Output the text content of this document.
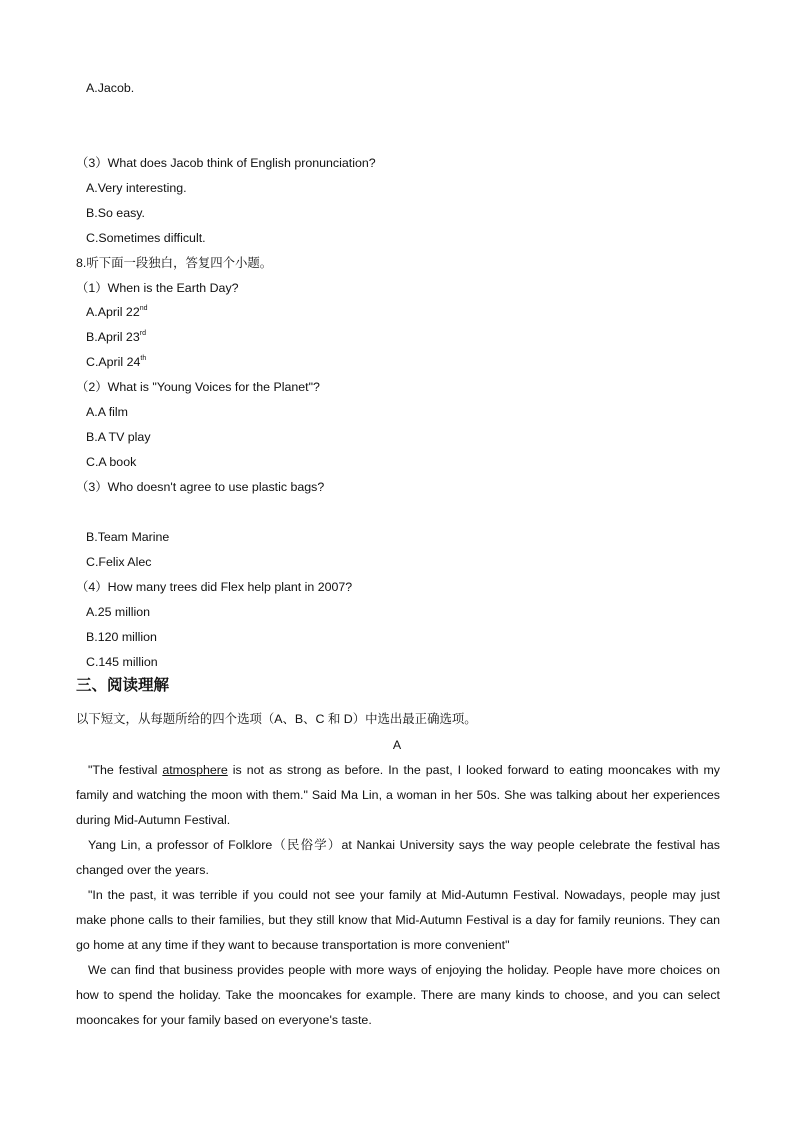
A.Jacob.
（3）What does Jacob think of English pronunciation?
A.Very interesting.
B.So easy.
C.Sometimes difficult.
8.听下面一段独白，答复四个小题。
（1）When is the Earth Day?
A.April 22nd
B.April 23rd
C.April 24th
（2）What is "Young Voices for the Planet"?
A.A film
B.A TV play
C.A book
（3）Who doesn't agree to use plastic bags?
B.Team Marine
C.Felix Alec
（4）How many trees did Flex help plant in 2007?
A.25 million
B.120 million
C.145 million
三、阅读理解
以下短文，从每题所给的四个选项（A、B、C 和 D）中选出最正确选项。
A

"The festival atmosphere is not as strong as before. In the past, I looked forward to eating mooncakes with my family and watching the moon with them." Said Ma Lin, a woman in her 50s. She was talking about her experiences during Mid-Autumn Festival.

Yang Lin, a professor of Folklore（民俗学）at Nankai University says the way people celebrate the festival has changed over the years.

"In the past, it was terrible if you could not see your family at Mid-Autumn Festival. Nowadays, people may just make phone calls to their families, but they still know that Mid-Autumn Festival is a day for family reunions. They can go home at any time if they want to because transportation is more convenient"

We can find that business provides people with more ways of enjoying the holiday. People have more choices on how to spend the holiday. Take the mooncakes for example. There are many kinds to choose, and you can select mooncakes for your family based on everyone's taste.
